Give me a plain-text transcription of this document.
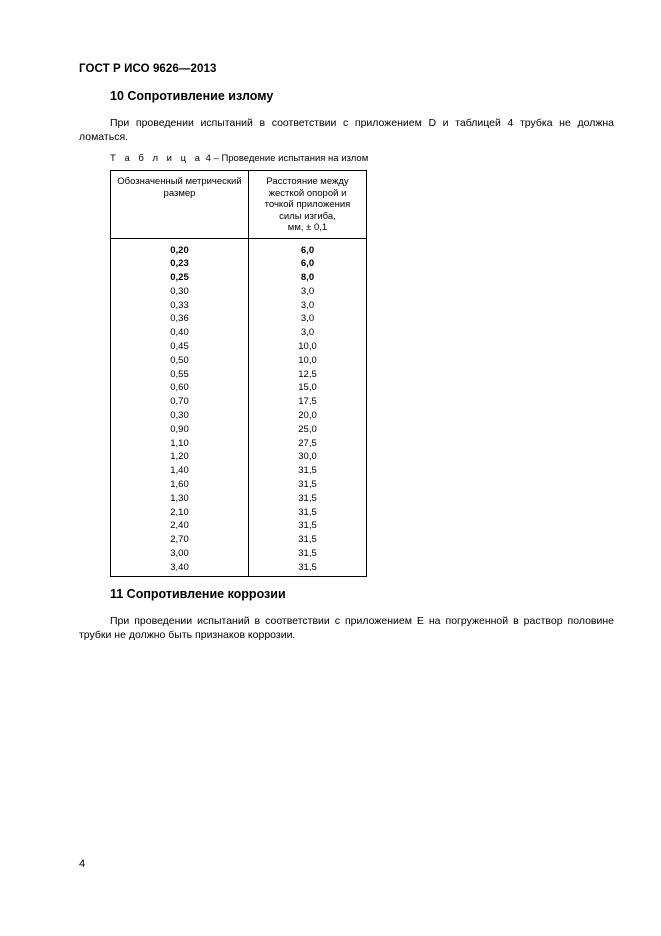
ГОСТ Р ИСО 9626—2013
10 Сопротивление излому
При проведении испытаний в соответствии с приложением D и таблицей 4 трубка не должна ломаться.
Т а б л и ц а 4 – Проведение испытания на излом
Обозначенный метрический размер	Расстояние между
жесткой опорой и
точкой приложения
силы изгиба,
мм, ± 0,1

0,20	6,0
0,23	6,0
0,25	8,0
0,30	3,0
0,33	3,0
0,36	3,0
0,40	3,0
0,45	10,0
0,50	10,0
0,55	12,5
0,60	15,0
0,70	17,5
0,30	20,0
0,90	25,0
1,10	27,5
1,20	30,0
1,40	31,5
1,60	31,5
1,30	31,5
2,10	31,5
2,40	31,5
2,70	31,5
3,00	31,5
3,40	31,5
11 Сопротивление коррозии
При проведении испытаний в соответствии с приложением Е на погруженной в раствор половине трубки не должно быть признаков коррозии.
4
